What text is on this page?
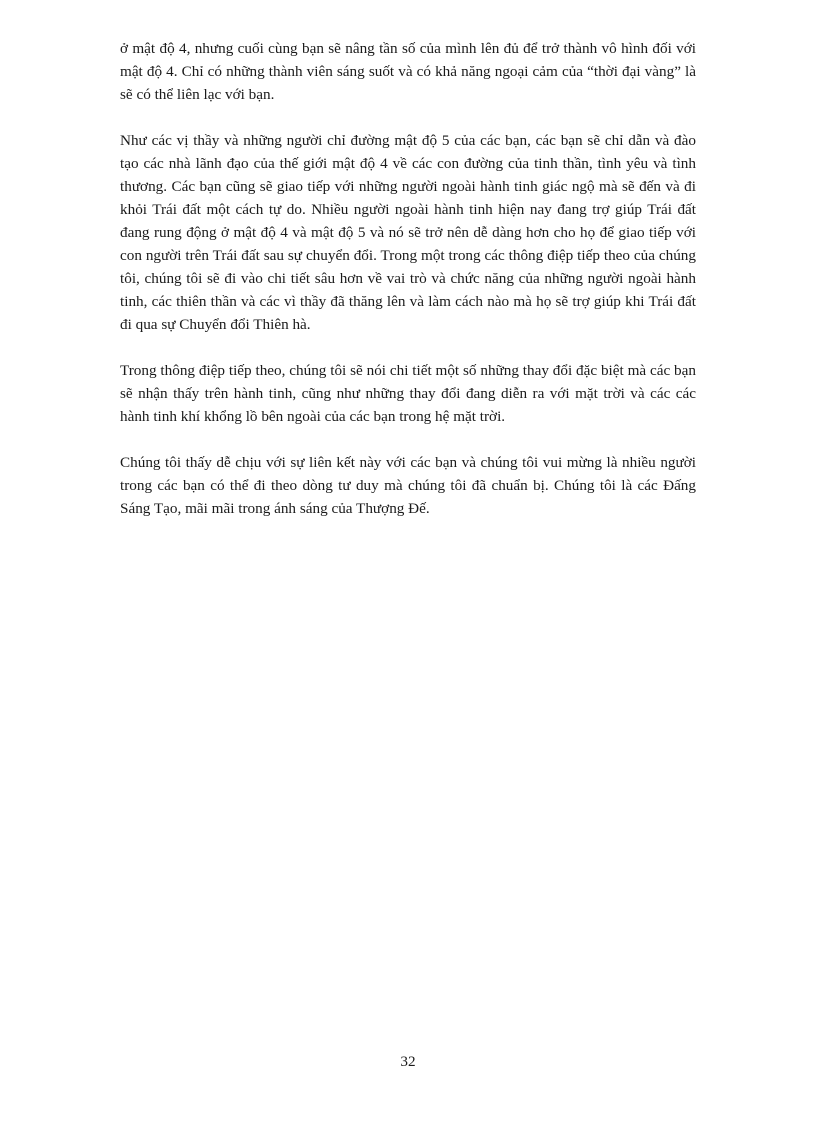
ở mật độ 4, nhưng cuối cùng bạn sẽ nâng tần số của mình lên đủ để trở thành vô hình đối với mật độ 4. Chỉ có những thành viên sáng suốt và có khả năng ngoại cảm của “thời đại vàng” là sẽ có thể liên lạc với bạn.

Như các vị thầy và những người chỉ đường mật độ 5 của các bạn, các bạn sẽ chỉ dẫn và đào tạo các nhà lãnh đạo của thế giới mật độ 4 về các con đường của tinh thần, tình yêu và tình thương. Các bạn cũng sẽ giao tiếp với những người ngoài hành tinh giác ngộ mà sẽ đến và đi khỏi Trái đất một cách tự do. Nhiều người ngoài hành tinh hiện nay đang trợ giúp Trái đất đang rung động ở mật độ 4 và mật độ 5 và nó sẽ trở nên dễ dàng hơn cho họ để giao tiếp với con người trên Trái đất sau sự chuyển đổi. Trong một trong các thông điệp tiếp theo của chúng tôi, chúng tôi sẽ đi vào chi tiết sâu hơn về vai trò và chức năng của những người ngoài hành tinh, các thiên thần và các vì thầy đã thăng lên và làm cách nào mà họ sẽ trợ giúp khi Trái đất đi qua sự Chuyển đổi Thiên hà.

Trong thông điệp tiếp theo, chúng tôi sẽ nói chi tiết một số những thay đổi đặc biệt mà các bạn sẽ nhận thấy trên hành tinh, cũng như những thay đổi đang diễn ra với mặt trời và các các hành tinh khí khổng lồ bên ngoài của các bạn trong hệ mặt trời.

Chúng tôi thấy dễ chịu với sự liên kết này với các bạn và chúng tôi vui mừng là nhiều người trong các bạn có thể đi theo dòng tư duy mà chúng tôi đã chuẩn bị. Chúng tôi là các Đấng Sáng Tạo, mãi mãi trong ánh sáng của Thượng Đế.

32
